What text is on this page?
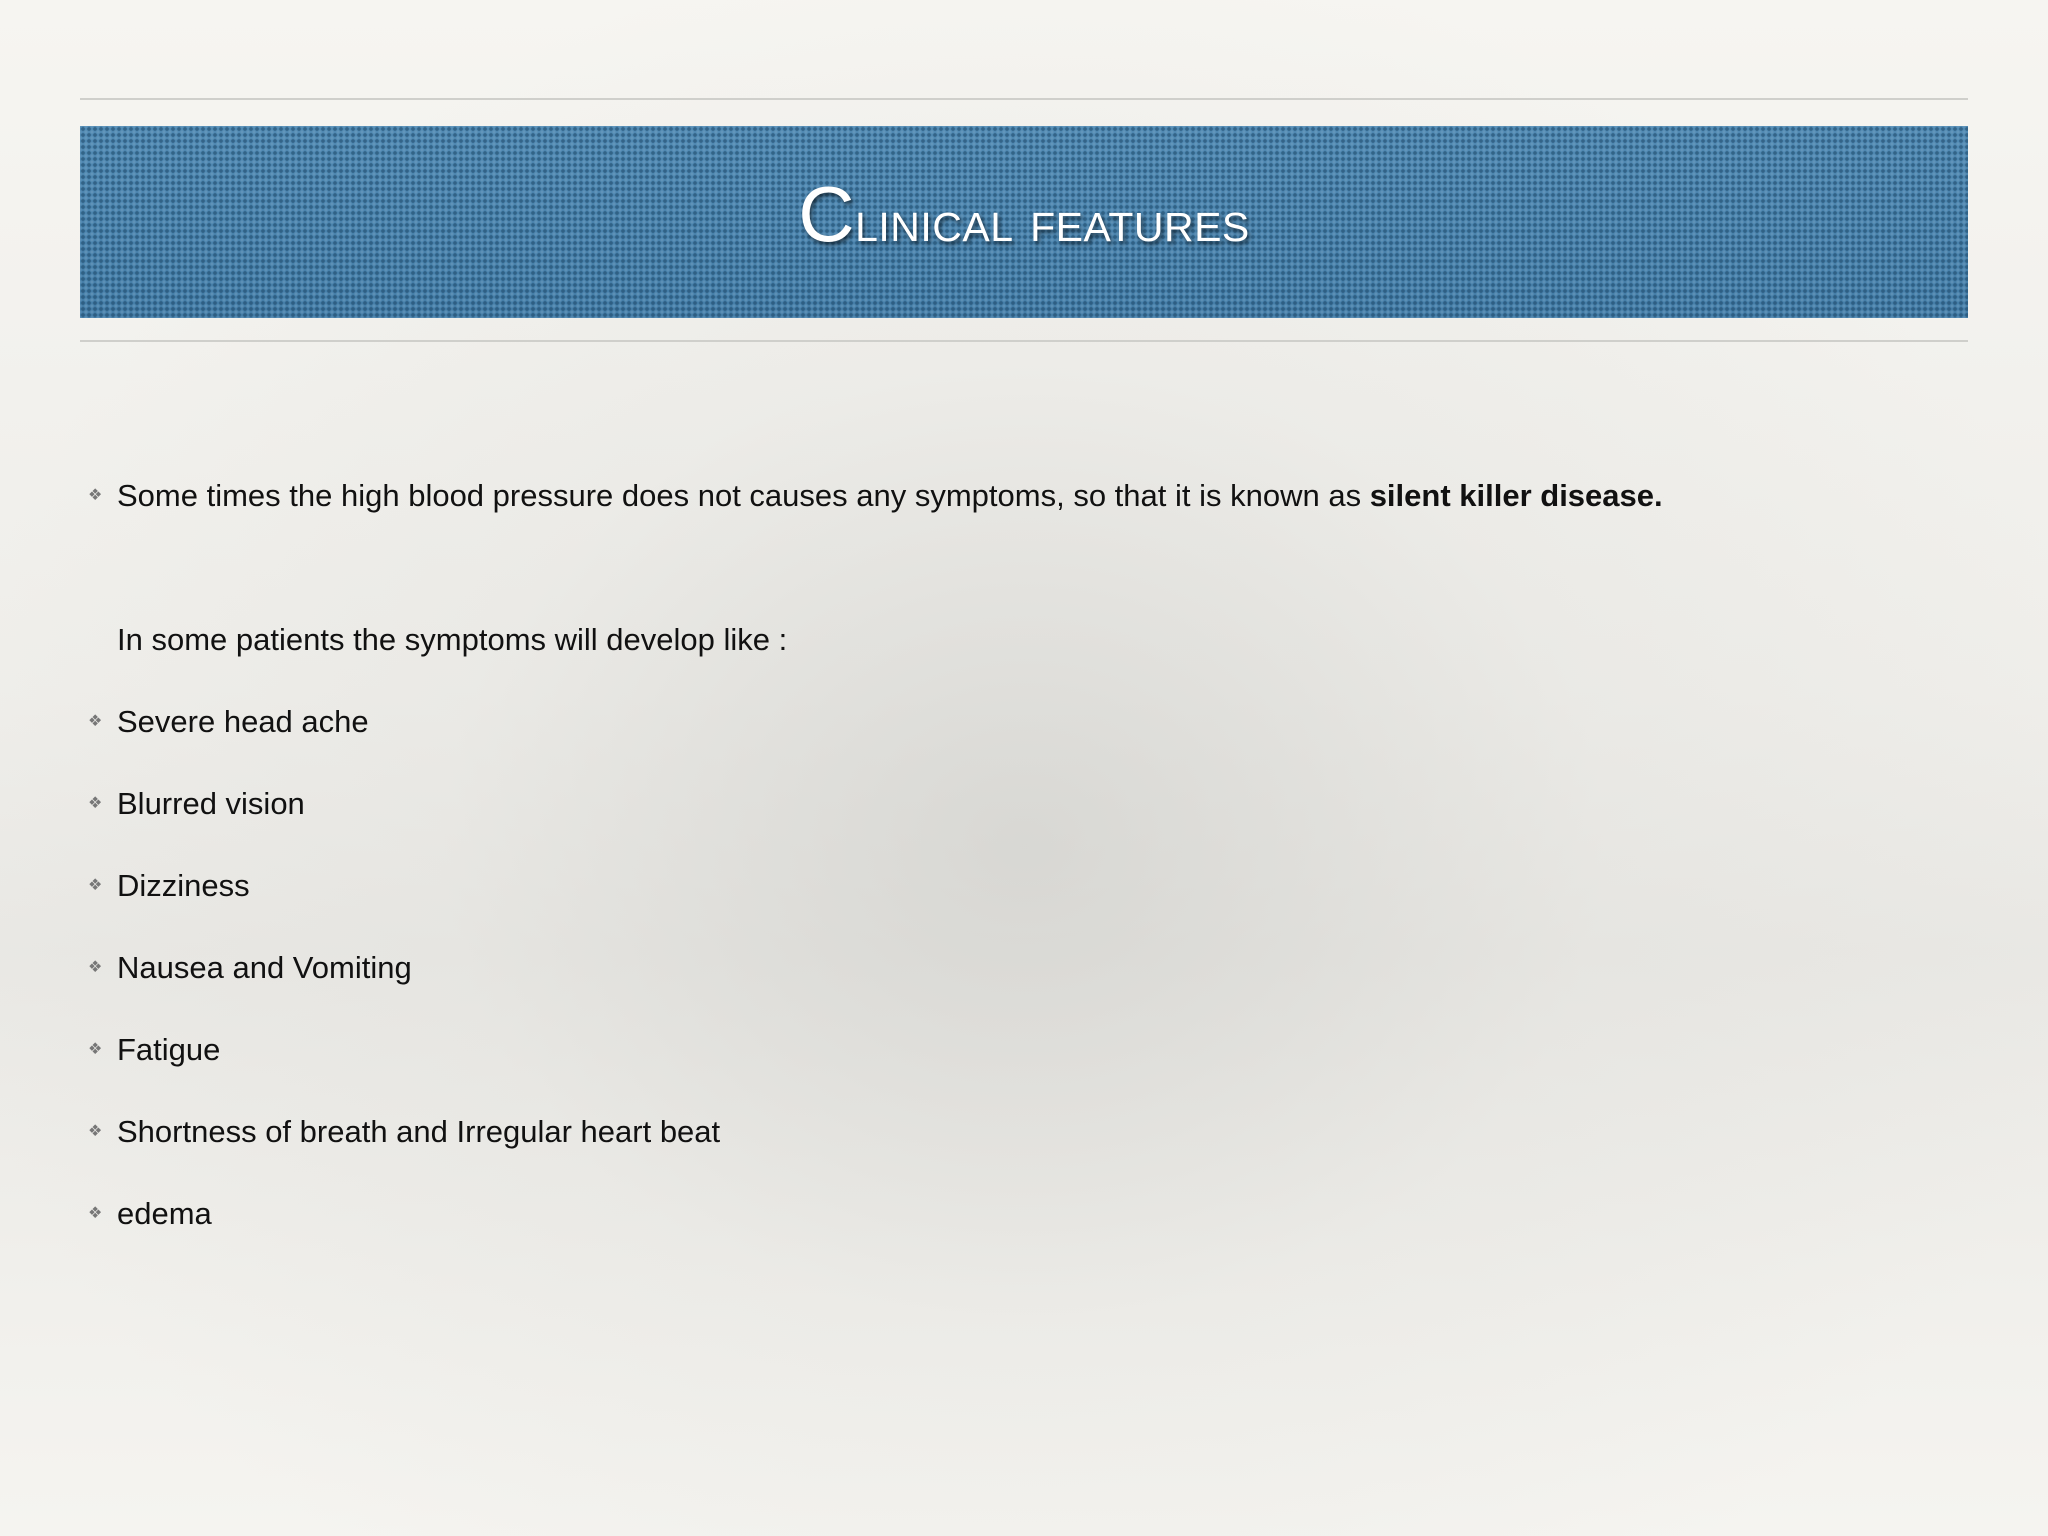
Clinical features
❖ Some times the high blood pressure does not causes any symptoms, so that it is known as silent killer disease.
In some patients the symptoms will develop like :
❖ Severe head ache
❖ Blurred vision
❖ Dizziness
❖ Nausea and Vomiting
❖ Fatigue
❖ Shortness of breath and Irregular heart beat
❖ edema
